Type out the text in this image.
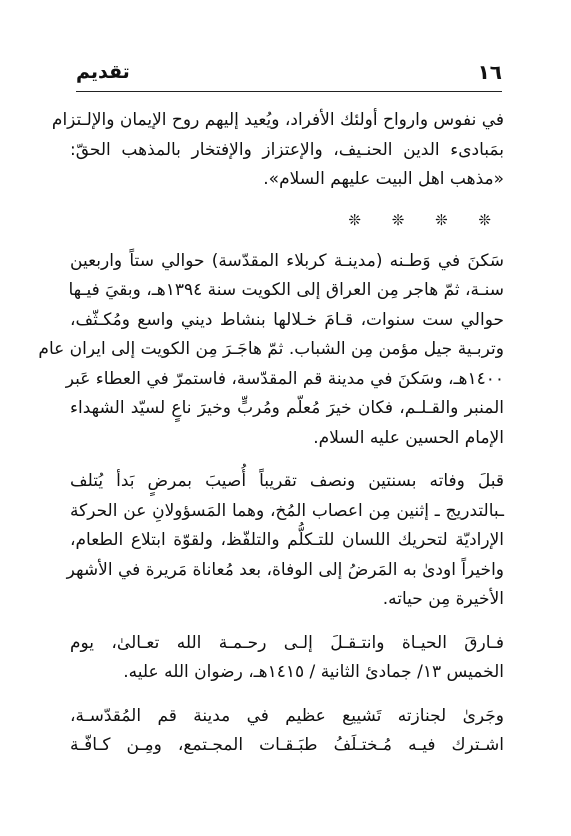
١٦
تقديم
في نفوس وارواح أولئك الأفراد، ويُعيد إليهم روح الإيمان والإلـتزام
بمَبادىء الدين الحنـيف، والإعتزاز والإفتخار بالمذهب الحقّ:
«مذهب اهل البيت عليهم السلام».
❊ ❊ ❊ ❊
سَكنَ في وَطـنه (مدينـة كربلاء المقدّسة) حوالي ستاً واربعين
سنـة، ثمّ هاجر مِن العراق إلى الكويت سنة ١٣٩٤هـ، وبقيَ فيـها
حوالي ست سنوات، قـامَ خـلالها بنشاط ديني واسع ومُكـثّف،
وتربـية جيل مؤمن مِن الشباب. ثمّ هاجَـرَ مِن الكويت إلى ايران عام
١٤٠٠هـ، وسَكنَ في مدينة قم المقدّسة، فاستمرّ في العطاء عَبر
المنبر والقـلـم، فكان خيرَ مُعلّم ومُربٍّ وخيرَ ناعٍ لسيّد الشهداء
الإمام الحسين عليه السلام.
قبلَ وفاته بسنتين ونصف تقريباً أُصيبَ بمرضٍ بَدأ يُتلف
ـبالتدريج ـ إثنين مِن اعصاب المُخ، وهما المَسؤولانِ عن الحركة
الإراديّة لتحريك اللسان للتـكلُّم والتلفّظ، ولقوّة ابتلاع الطعام،
واخيراً اودىٰ به المَرضُ إلى الوفاة، بعد مُعاناة مَريرة في الأشهر
الأخيرة مِن حياته.
فـارقَ الحيـاة وانتـقـلَ إلـى رحـمـة الله تعـالىٰ، يوم
الخميس ١٣/ جمادئ الثانية / ١٤١٥هـ، رضوان الله عليه.
وجَرىٰ لجنازته تَشييع عظيم في مدينة قم المُقدّسـة،
اشـترك فيـه مُـختـلَفُ طبَـقـات المجـتمع، ومِـن كـافّـة
